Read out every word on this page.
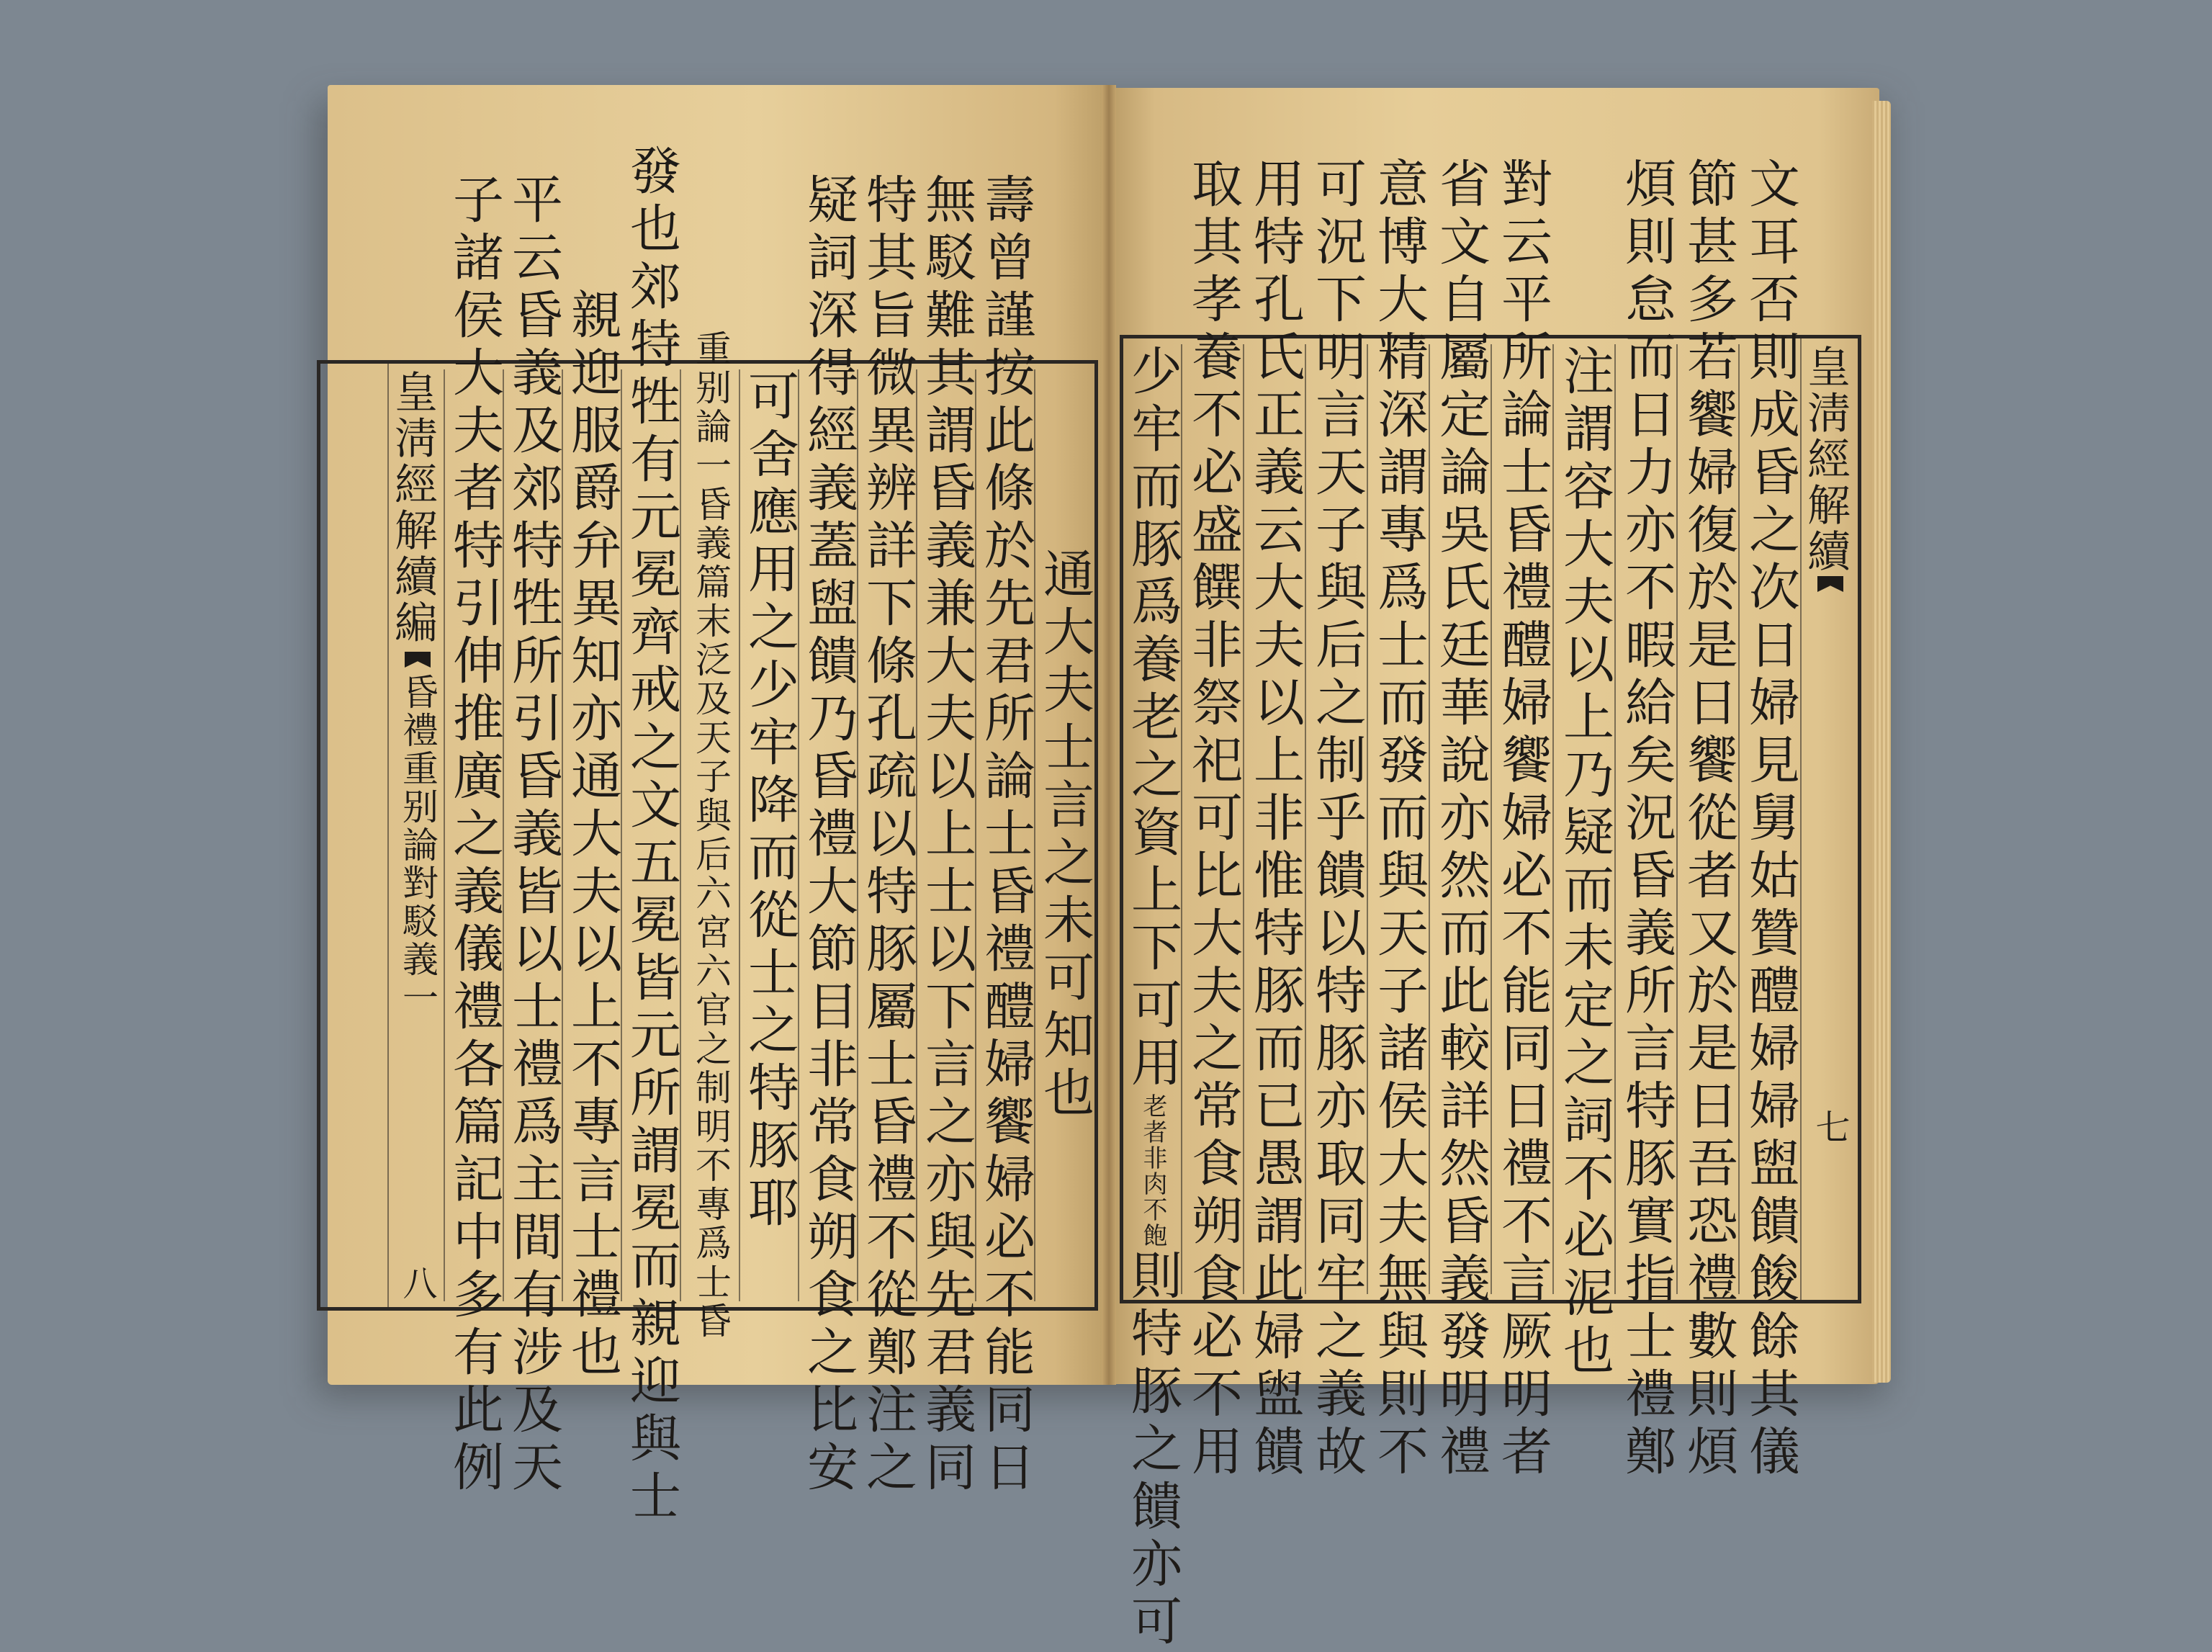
通大夫士言之未可知也
壽曾謹按此條於先君所論士昏禮醴婦饗婦必不能同日
無駁難其謂昏義兼大夫以上士以下言之亦與先君義同
特其旨微異辨詳下條孔疏以特豚屬士昏禮不從鄭注之
疑詞深得經義蓋盥饋乃昏禮大節目非常食朔食之比安
可舍應用之少牢降而從士之特豚耶
重别論一昏義篇末泛及天子與后六宮六官之制明不專爲士昏
發也郊特牲有元冕齊戒之文五冕皆元所謂冕而親迎與士
親迎服爵弁異知亦通大夫以上不專言士禮也
平云昏義及郊特牲所引昏義皆以士禮爲主間有涉及天
子諸侯大夫者特引伸推廣之義儀禮各篇記中多有此例
皇淸經解續編
昏禮重别論對駁義一
八
皇淸經解續
七
文耳否則成昏之次日婦見舅姑贊醴婦婦盥饋餕餘其儀
節甚多若饗婦復於是日饗從者又於是日吾恐禮數則煩
煩則怠而日力亦不暇給矣況昏義所言特豚實指士禮鄭
注謂容大夫以上乃疑而未定之詞不必泥也
對云平所論士昏禮醴婦饗婦必不能同日禮不言厥明者
省文自屬定論吳氏廷華說亦然而此較詳然昏義發明禮
意博大精深謂專爲士而發而與天子諸侯大夫無與則不
可況下明言天子與后之制乎饋以特豚亦取同牢之義故
用特孔氏正義云大夫以上非惟特豚而已愚謂此婦盥饋
取其孝養不必盛饌非祭祀可比大夫之常食朔食必不用
少牢而豚爲養老之資上下可用
老者非肉不飽
則特豚之饋亦可
